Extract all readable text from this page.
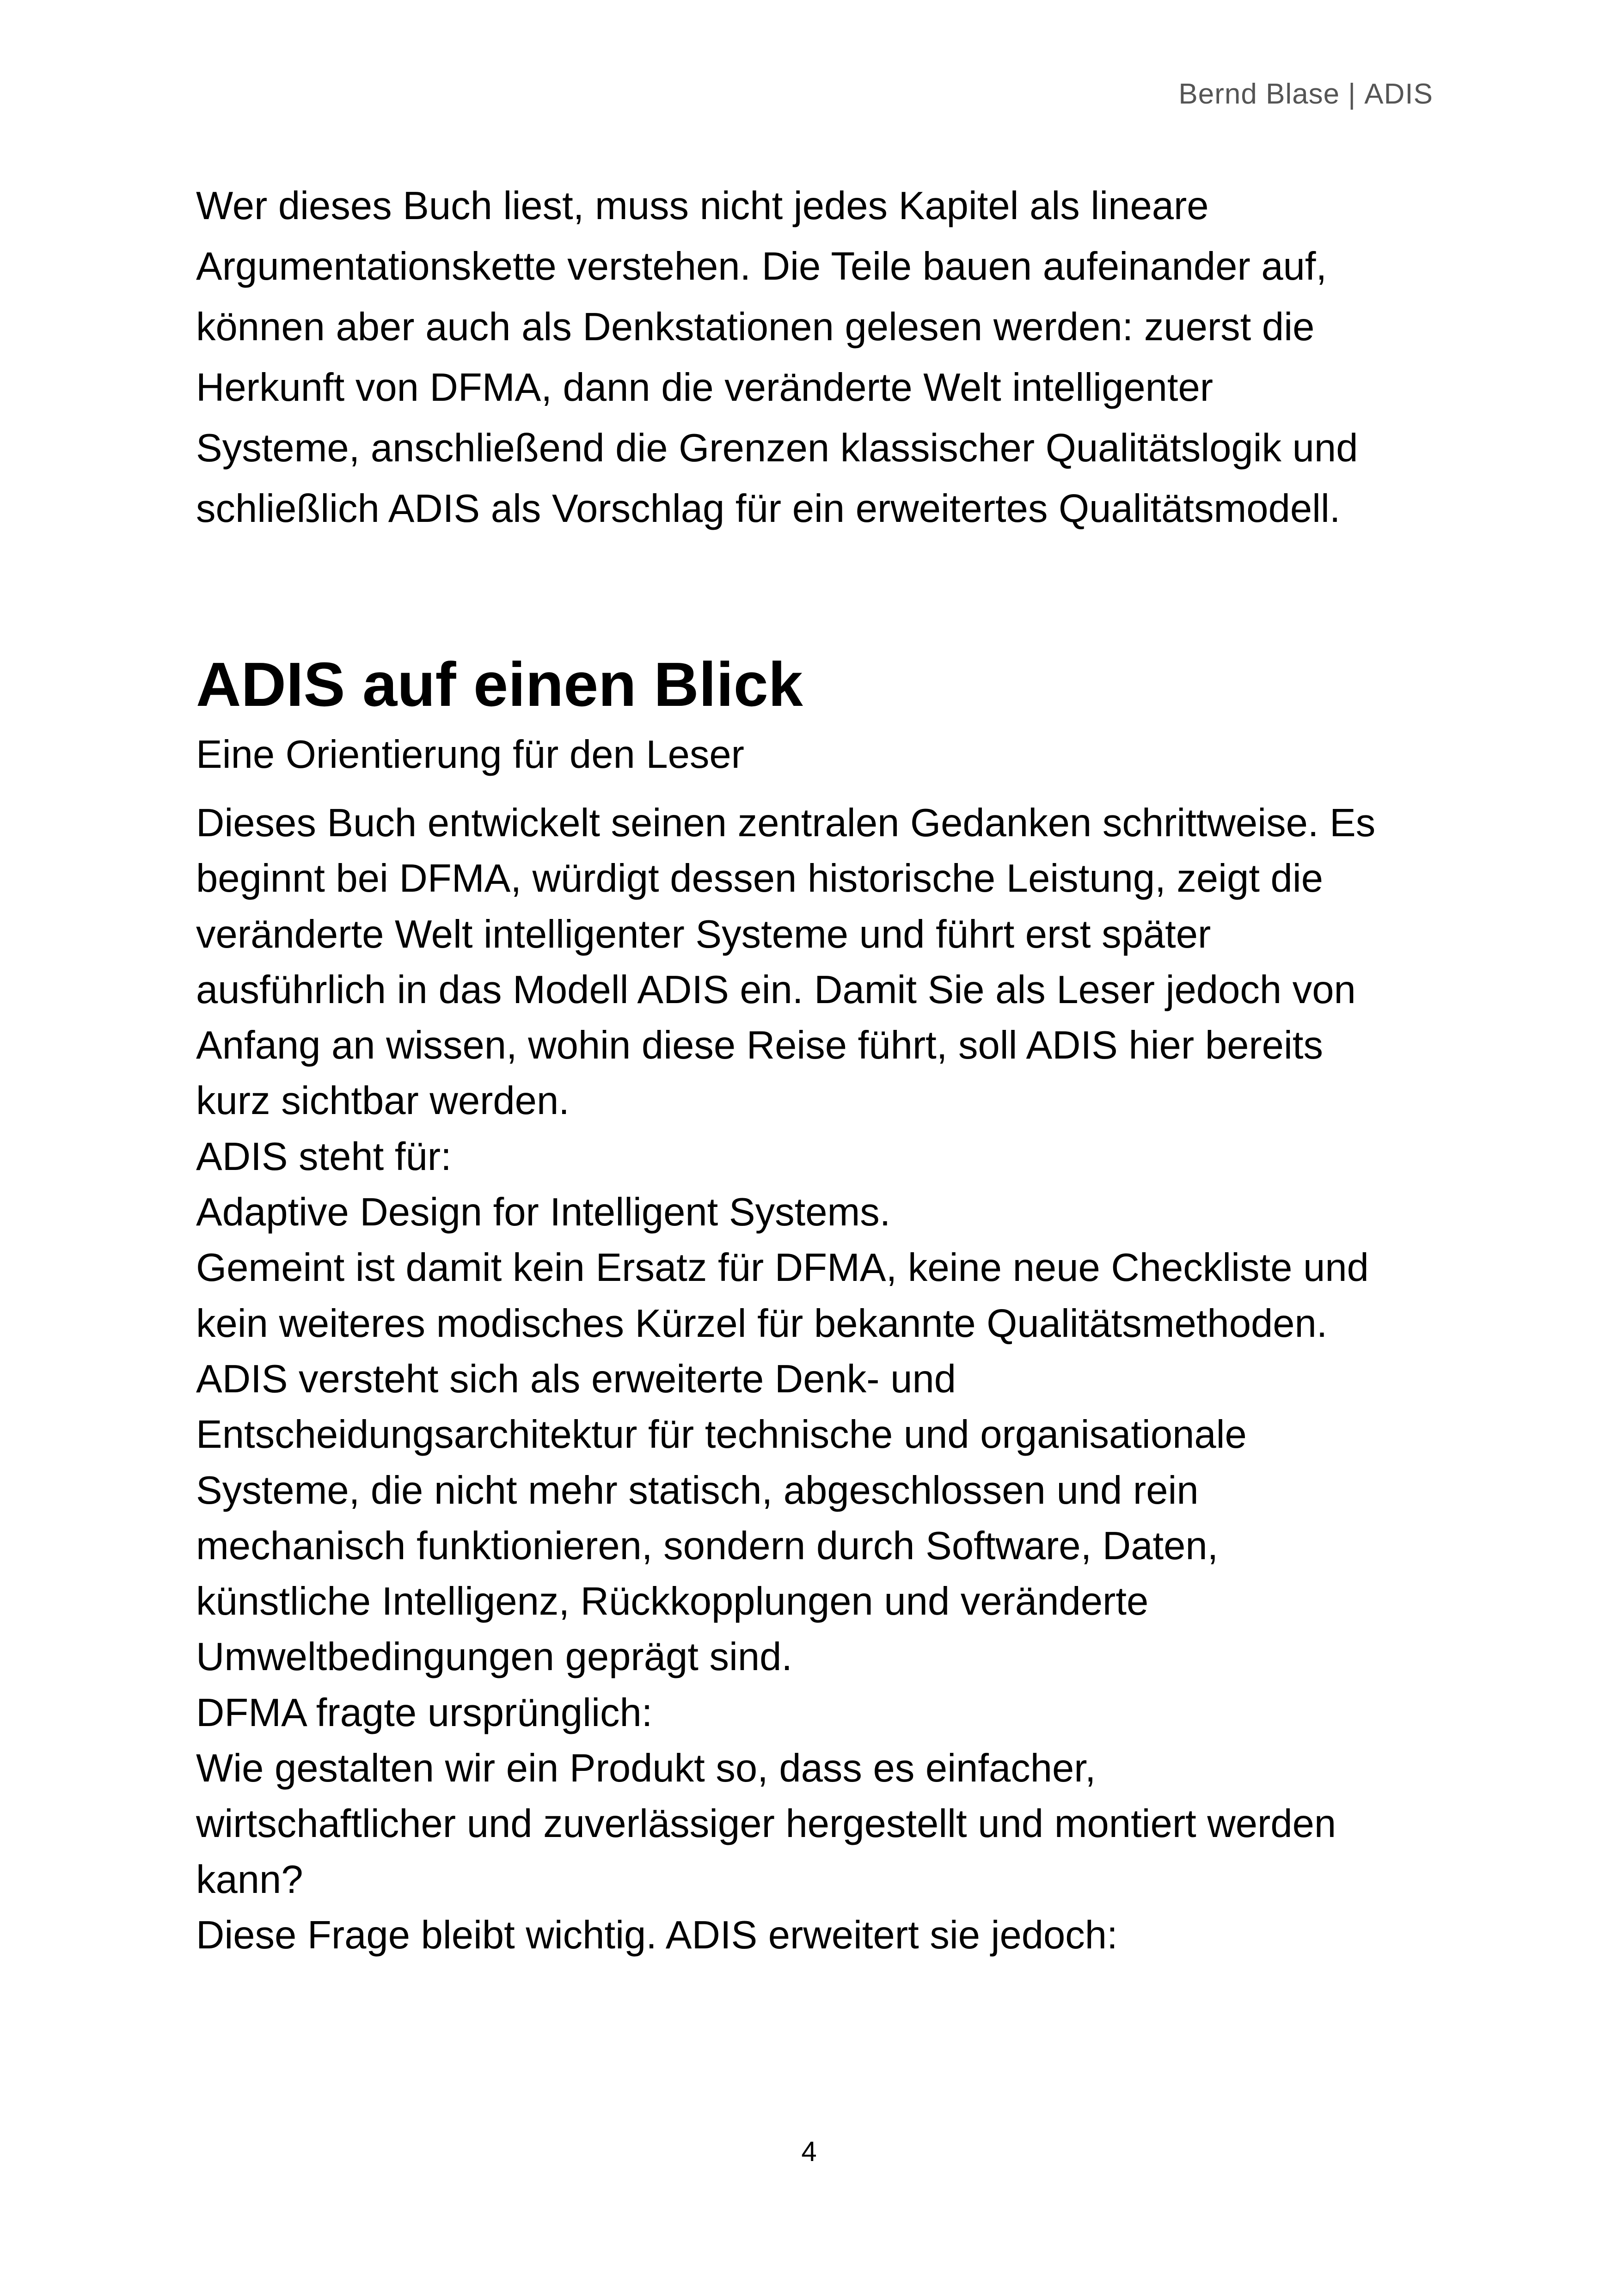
Bernd Blase | ADIS

Wer dieses Buch liest, muss nicht jedes Kapitel als lineare
Argumentationskette verstehen. Die Teile bauen aufeinander auf,
können aber auch als Denkstationen gelesen werden: zuerst die
Herkunft von DFMA, dann die veränderte Welt intelligenter
Systeme, anschließend die Grenzen klassischer Qualitätslogik und
schließlich ADIS als Vorschlag für ein erweitertes Qualitätsmodell.

ADIS auf einen Blick

Eine Orientierung für den Leser

Dieses Buch entwickelt seinen zentralen Gedanken schrittweise. Es
beginnt bei DFMA, würdigt dessen historische Leistung, zeigt die
veränderte Welt intelligenter Systeme und führt erst später
ausführlich in das Modell ADIS ein. Damit Sie als Leser jedoch von
Anfang an wissen, wohin diese Reise führt, soll ADIS hier bereits
kurz sichtbar werden.
ADIS steht für:
Adaptive Design for Intelligent Systems.
Gemeint ist damit kein Ersatz für DFMA, keine neue Checkliste und
kein weiteres modisches Kürzel für bekannte Qualitätsmethoden.
ADIS versteht sich als erweiterte Denk- und
Entscheidungsarchitektur für technische und organisationale
Systeme, die nicht mehr statisch, abgeschlossen und rein
mechanisch funktionieren, sondern durch Software, Daten,
künstliche Intelligenz, Rückkopplungen und veränderte
Umweltbedingungen geprägt sind.
DFMA fragte ursprünglich:
Wie gestalten wir ein Produkt so, dass es einfacher,
wirtschaftlicher und zuverlässiger hergestellt und montiert werden
kann?
Diese Frage bleibt wichtig. ADIS erweitert sie jedoch:
4
